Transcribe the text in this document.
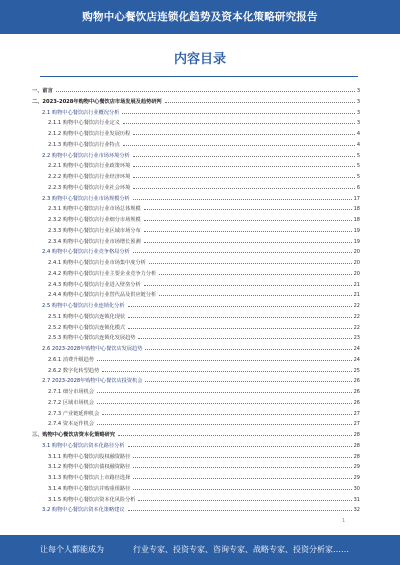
购物中心餐饮店连锁化趋势及资本化策略研究报告
内容目录
一、前言	3
二、2023-2028年购物中心餐饮店市场发展及趋势研判	3
2.1 购物中心餐饮店行业概况分析	3
2.1.1 购物中心餐饮店行业定义	3
2.1.2 购物中心餐饮店行业发展历程	4
2.1.3 购物中心餐饮店行业特点	4
2.2 购物中心餐饮店行业市场环境分析	5
2.2.1 购物中心餐饮店行业政策环境	5
2.2.2 购物中心餐饮店行业经济环境	5
2.2.3 购物中心餐饮店行业社会环境	6
2.3 购物中心餐饮店行业市场规模分析	17
2.3.1 购物中心餐饮店行业市场总体规模	18
2.3.2 购物中心餐饮店行业细分市场规模	18
2.3.3 购物中心餐饮店行业区域市场分布	19
2.3.4 购物中心餐饮店行业市场增长预测	19
2.4 购物中心餐饮店行业竞争格局分析	20
2.4.1 购物中心餐饮店行业市场集中度分析	20
2.4.2 购物中心餐饮店行业主要企业竞争力分析	20
2.4.3 购物中心餐饮店行业进入壁垒分析	21
2.4.4 购物中心餐饮店行业替代品及供应链分析	21
2.5 购物中心餐饮店行业连锁化分析	22
2.5.1 购物中心餐饮店连锁化现状	22
2.5.2 购物中心餐饮店连锁化模式	22
2.5.3 购物中心餐饮店连锁化发展趋势	23
2.6 2023-2028年购物中心餐饮店发展趋势	24
2.6.1 消费升级趋势	24
2.6.2 数字化转型趋势	25
2.7 2023-2028年购物中心餐饮店投资机会	26
2.7.1 细分市场机会	26
2.7.2 区域市场机会	26
2.7.3 产业链延伸机会	27
2.7.4 资本运作机会	27
三、购物中心餐饮店资本化策略研究	28
3.1 购物中心餐饮店资本化路径分析	28
3.1.1 购物中心餐饮店股权融资路径	28
3.1.2 购物中心餐饮店债权融资路径	29
3.1.3 购物中心餐饮店上市路径选择	29
3.1.4 购物中心餐饮店并购重组路径	30
3.1.5 购物中心餐饮店资本化风险分析	31
3.2 购物中心餐饮店资本化策略建议	32
1
让每个人都能成为	行业专家、投资专家、咨询专家、战略专家、投资分析家……
